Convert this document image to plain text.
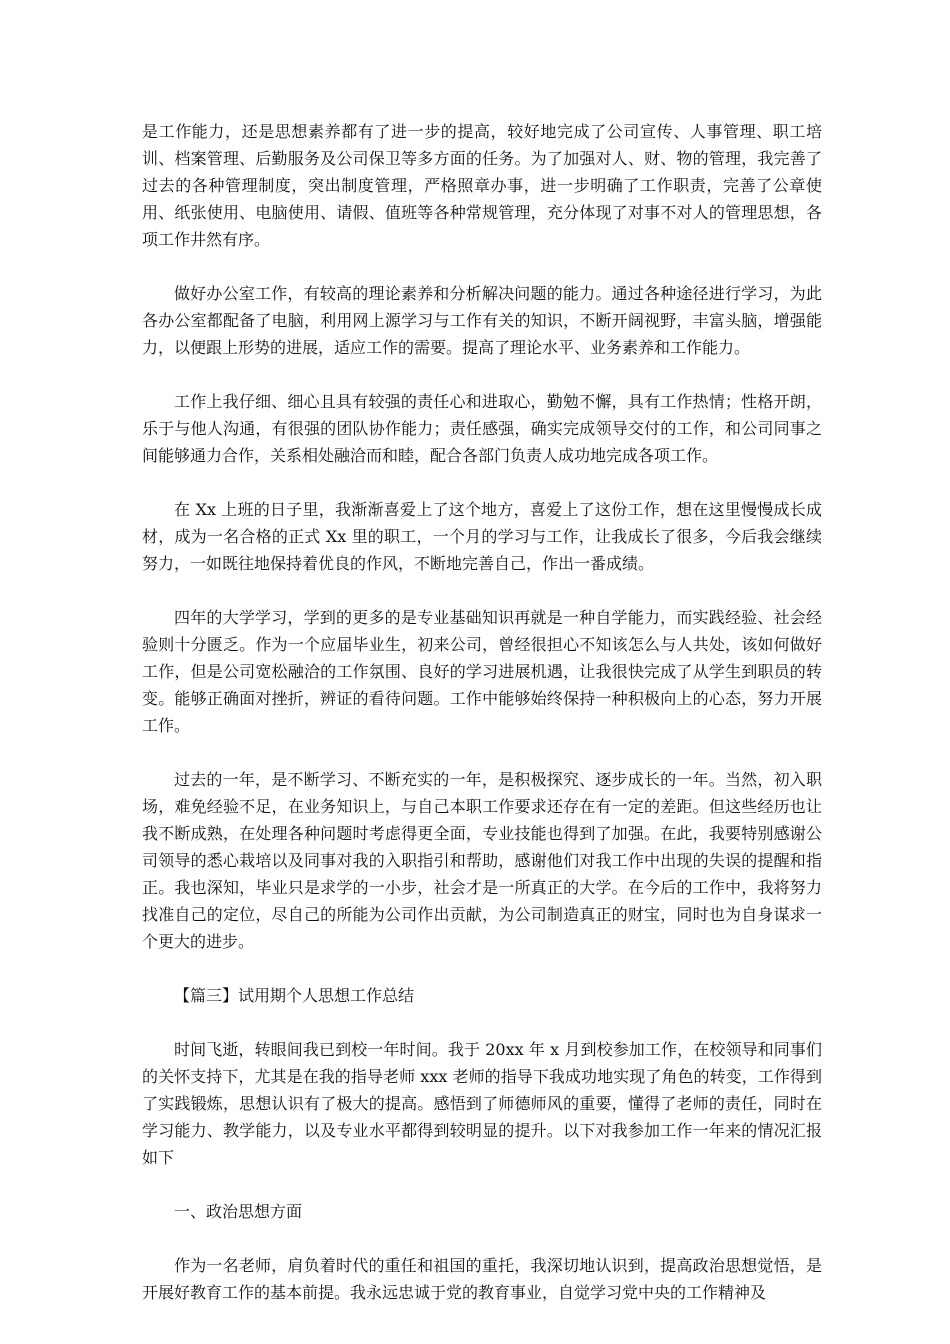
是工作能力，还是思想素养都有了进一步的提高，较好地完成了公司宣传、人事管理、职工培训、档案管理、后勤服务及公司保卫等多方面的任务。为了加强对人、财、物的管理，我完善了过去的各种管理制度，突出制度管理，严格照章办事，进一步明确了工作职责，完善了公章使用、纸张使用、电脑使用、请假、值班等各种常规管理，充分体现了对事不对人的管理思想，各项工作井然有序。

做好办公室工作，有较高的理论素养和分析解决问题的能力。通过各种途径进行学习，为此各办公室都配备了电脑，利用网上源学习与工作有关的知识，不断开阔视野，丰富头脑，增强能力，以便跟上形势的进展，适应工作的需要。提高了理论水平、业务素养和工作能力。

工作上我仔细、细心且具有较强的责任心和进取心，勤勉不懈，具有工作热情；性格开朗，乐于与他人沟通，有很强的团队协作能力；责任感强，确实完成领导交付的工作，和公司同事之间能够通力合作，关系相处融洽而和睦，配合各部门负责人成功地完成各项工作。

在 Xx 上班的日子里，我渐渐喜爱上了这个地方，喜爱上了这份工作，想在这里慢慢成长成材，成为一名合格的正式 Xx 里的职工，一个月的学习与工作，让我成长了很多，今后我会继续努力，一如既往地保持着优良的作风，不断地完善自己，作出一番成绩。

四年的大学学习，学到的更多的是专业基础知识再就是一种自学能力，而实践经验、社会经验则十分匮乏。作为一个应届毕业生，初来公司，曾经很担心不知该怎么与人共处，该如何做好工作，但是公司宽松融洽的工作氛围、良好的学习进展机遇，让我很快完成了从学生到职员的转变。能够正确面对挫折，辨证的看待问题。工作中能够始终保持一种积极向上的心态，努力开展工作。

过去的一年，是不断学习、不断充实的一年，是积极探究、逐步成长的一年。当然，初入职场，难免经验不足，在业务知识上，与自己本职工作要求还存在有一定的差距。但这些经历也让我不断成熟，在处理各种问题时考虑得更全面，专业技能也得到了加强。在此，我要特别感谢公司领导的悉心栽培以及同事对我的入职指引和帮助，感谢他们对我工作中出现的失误的提醒和指正。我也深知，毕业只是求学的一小步，社会才是一所真正的大学。在今后的工作中，我将努力找准自己的定位，尽自己的所能为公司作出贡献，为公司制造真正的财宝，同时也为自身谋求一个更大的进步。

【篇三】试用期个人思想工作总结

时间飞逝，转眼间我已到校一年时间。我于 20xx 年 x 月到校参加工作，在校领导和同事们的关怀支持下，尤其是在我的指导老师 xxx 老师的指导下我成功地实现了角色的转变，工作得到了实践锻炼，思想认识有了极大的提高。感悟到了师德师风的重要，懂得了老师的责任，同时在学习能力、教学能力，以及专业水平都得到较明显的提升。以下对我参加工作一年来的情况汇报如下

一、政治思想方面

作为一名老师，肩负着时代的重任和祖国的重托，我深切地认识到，提高政治思想觉悟，是开展好教育工作的基本前提。我永远忠诚于党的教育事业，自觉学习党中央的工作精神及
